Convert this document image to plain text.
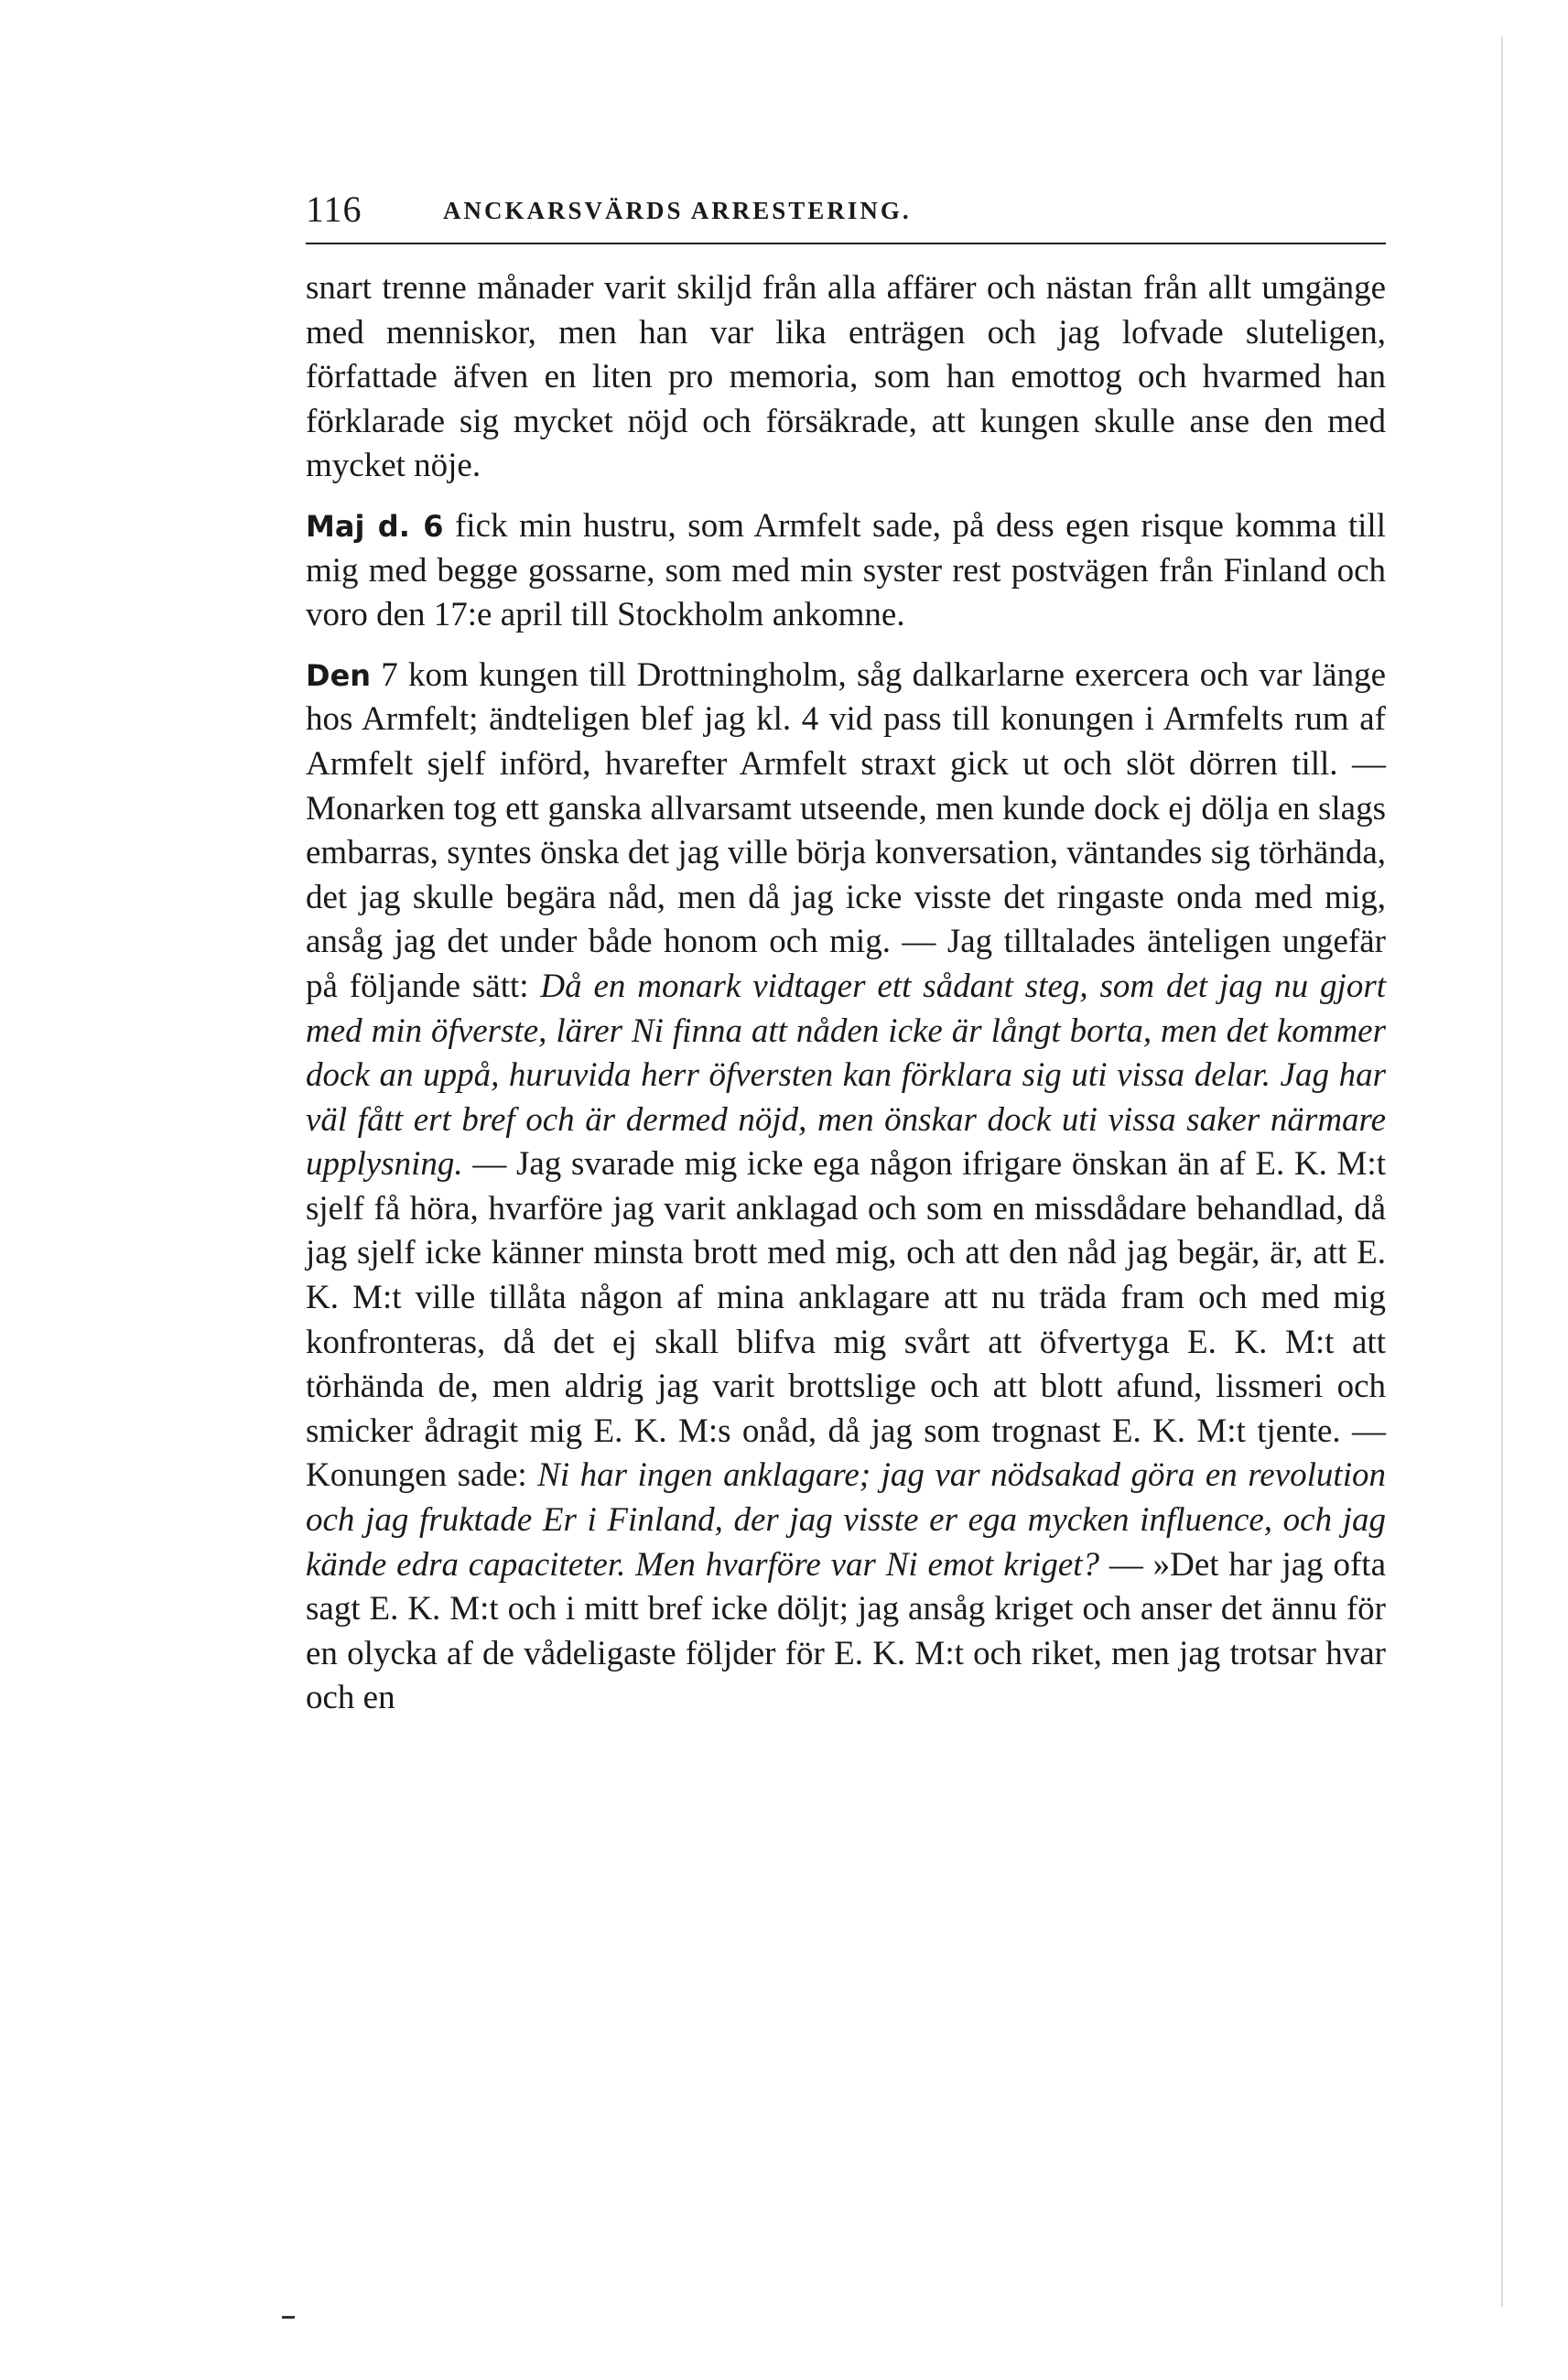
116	ANCKARSVÄRDS ARRESTERING.

snart trenne månader varit skiljd från alla affärer och nästan från allt umgänge med menniskor, men han var lika enträgen och jag lofvade sluteligen, författade äfven en liten pro memoria, som han emottog och hvarmed han förklarade sig mycket nöjd och försäkrade, att kungen skulle anse den med mycket nöje.

Maj d. 6 fick min hustru, som Armfelt sade, på dess egen risque komma till mig med begge gossarne, som med min syster rest postvägen från Finland och voro den 17:e april till Stockholm ankomne.

Den 7 kom kungen till Drottningholm, såg dalkarlarne exercera och var länge hos Armfelt; ändteligen blef jag kl. 4 vid pass till konungen i Armfelts rum af Armfelt sjelf införd, hvarefter Armfelt straxt gick ut och slöt dörren till. — Monarken tog ett ganska allvarsamt utseende, men kunde dock ej dölja en slags embarras, syntes önska det jag ville börja konversation, väntandes sig törhända, det jag skulle begära nåd, men då jag icke visste det ringaste onda med mig, ansåg jag det under både honom och mig. — Jag tilltalades änteligen ungefär på följande sätt: Då en monark vidtager ett sådant steg, som det jag nu gjort med min öfverste, lärer Ni finna att nåden icke är långt borta, men det kommer dock an uppå, huruvida herr öfversten kan förklara sig uti vissa delar. Jag har väl fått ert bref och är dermed nöjd, men önskar dock uti vissa saker närmare upplysning. — Jag svarade mig icke ega någon ifrigare önskan än af E. K. M:t sjelf få höra, hvarföre jag varit anklagad och som en missdådare behandlad, då jag sjelf icke känner minsta brott med mig, och att den nåd jag begär, är, att E. K. M:t ville tillåta någon af mina anklagare att nu träda fram och med mig konfronteras, då det ej skall blifva mig svårt att öfvertyga E. K. M:t att törhända de, men aldrig jag varit brottslige och att blott afund, lissmeri och smicker ådragit mig E. K. M:s onåd, då jag som trognast E. K. M:t tjente. — Konungen sade: Ni har ingen anklagare; jag var nödsakad göra en revolution och jag fruktade Er i Finland, der jag visste er ega mycken influence, och jag kände edra capaciteter. Men hvarföre var Ni emot kriget? — »Det har jag ofta sagt E. K. M:t och i mitt bref icke döljt; jag ansåg kriget och anser det ännu för en olycka af de vådeligaste följder för E. K. M:t och riket, men jag trotsar hvar och en
